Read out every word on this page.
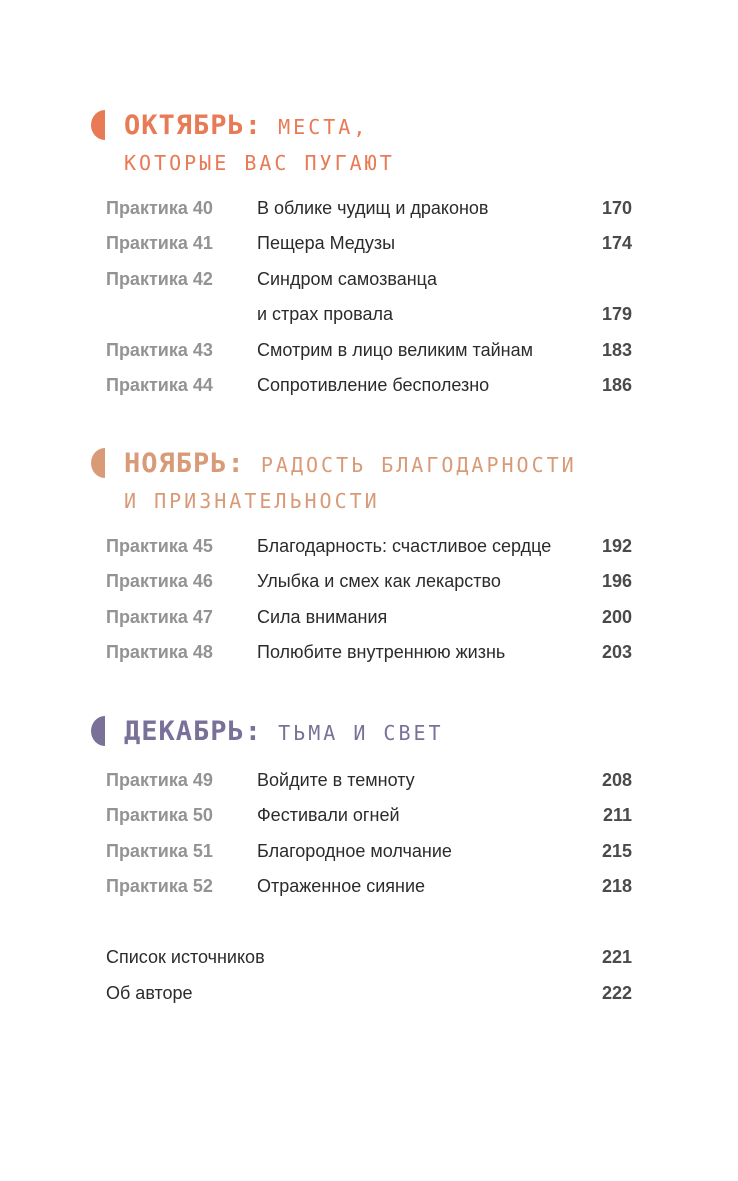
ОКТЯБРЬ: МЕСТА,
КОТОРЫЕ ВАС ПУГАЮТ
Практика 40 В облике чудищ и драконов	170
Практика 41 Пещера Медузы	174
Практика 42 Синдром самозванца
и страх провала	179
Практика 43 Смотрим в лицо великим тайнам	183
Практика 44 Сопротивление бесполезно	186
НОЯБРЬ: РАДОСТЬ БЛАГОДАРНОСТИ
И ПРИЗНАТЕЛЬНОСТИ
Практика 45 Благодарность: счастливое сердце	192
Практика 46 Улыбка и смех как лекарство	196
Практика 47 Сила внимания	200
Практика 48 Полюбите внутреннюю жизнь	203
ДЕКАБРЬ: ТЬМА И СВЕТ
Практика 49 Войдите в темноту	208
Практика 50 Фестивали огней	211
Практика 51 Благородное молчание	215
Практика 52 Отраженное сияние	218
Список источников	221
Об авторе	222
